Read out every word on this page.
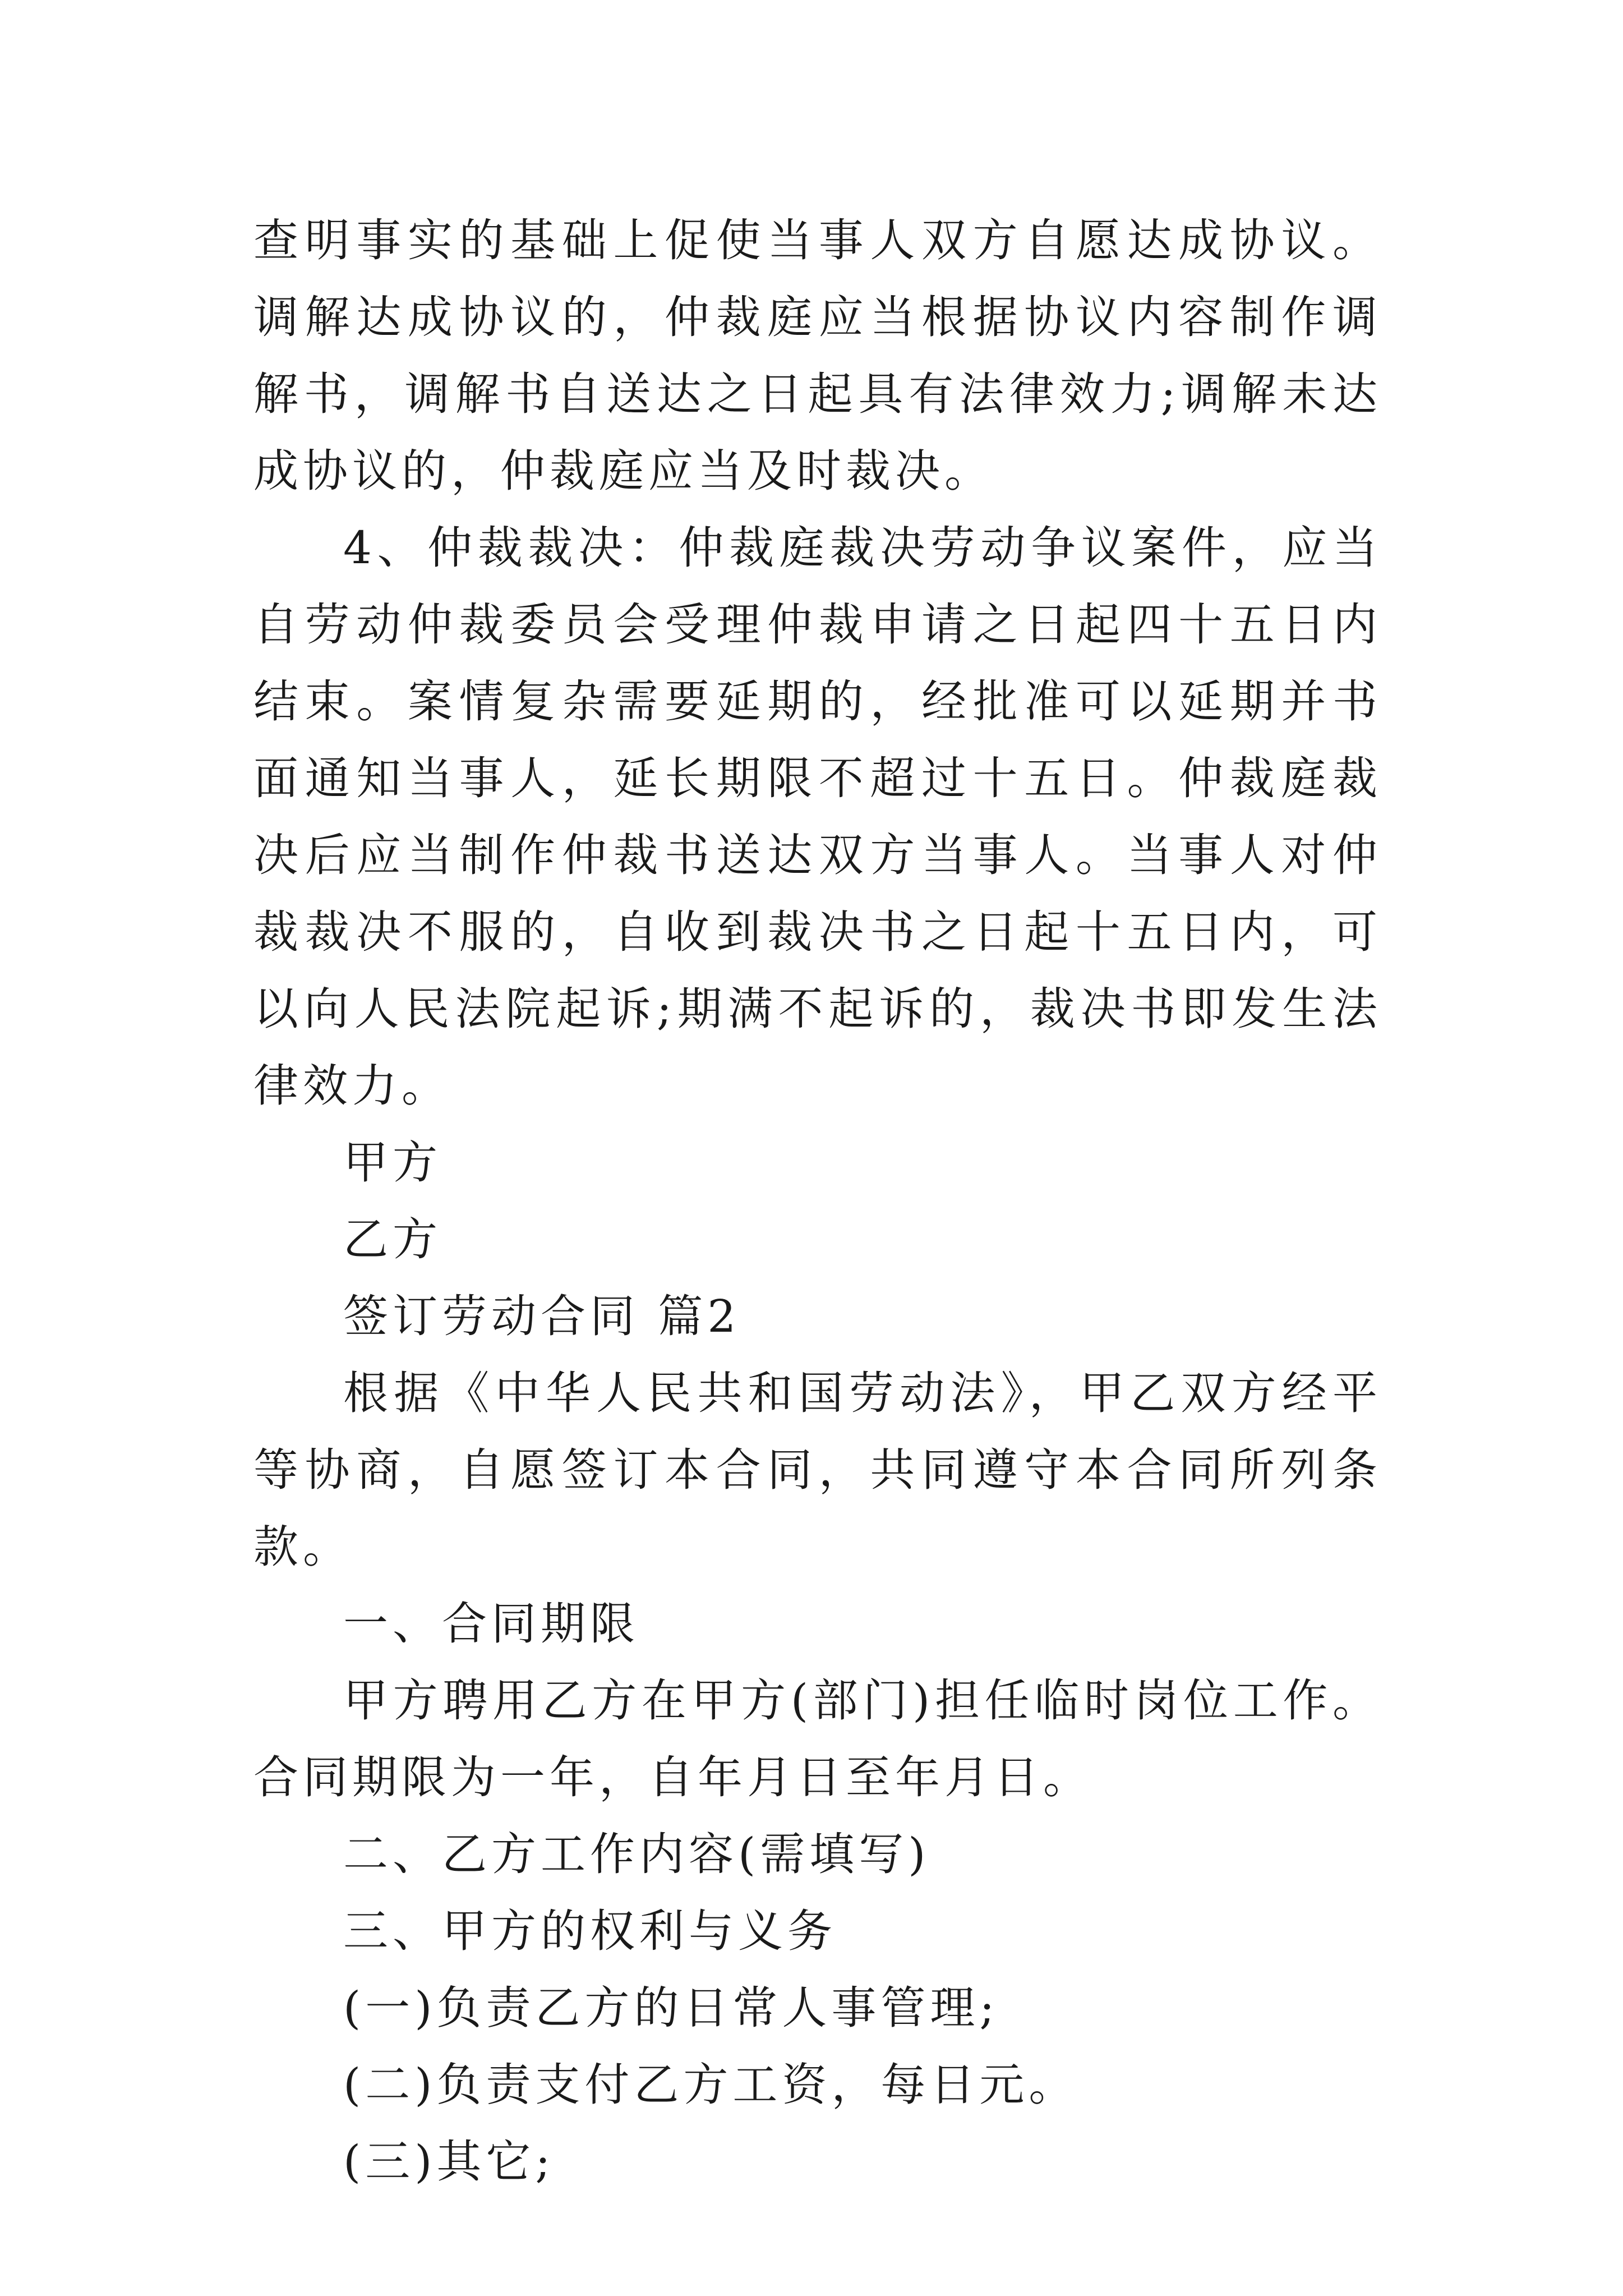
查明事实的基础上促使当事人双方自愿达成协议。调解达成协议的，仲裁庭应当根据协议内容制作调解书，调解书自送达之日起具有法律效力;调解未达成协议的，仲裁庭应当及时裁决。

4、仲裁裁决：仲裁庭裁决劳动争议案件，应当自劳动仲裁委员会受理仲裁申请之日起四十五日内结束。案情复杂需要延期的，经批准可以延期并书面通知当事人，延长期限不超过十五日。仲裁庭裁决后应当制作仲裁书送达双方当事人。当事人对仲裁裁决不服的，自收到裁决书之日起十五日内，可以向人民法院起诉;期满不起诉的，裁决书即发生法律效力。

甲方

乙方

签订劳动合同 篇2

根据《中华人民共和国劳动法》，甲乙双方经平等协商，自愿签订本合同，共同遵守本合同所列条款。

一、合同期限

甲方聘用乙方在甲方(部门)担任临时岗位工作。合同期限为一年，自年月日至年月日。

二、乙方工作内容(需填写)

三、甲方的权利与义务

(一)负责乙方的日常人事管理;

(二)负责支付乙方工资，每日元。

(三)其它;
